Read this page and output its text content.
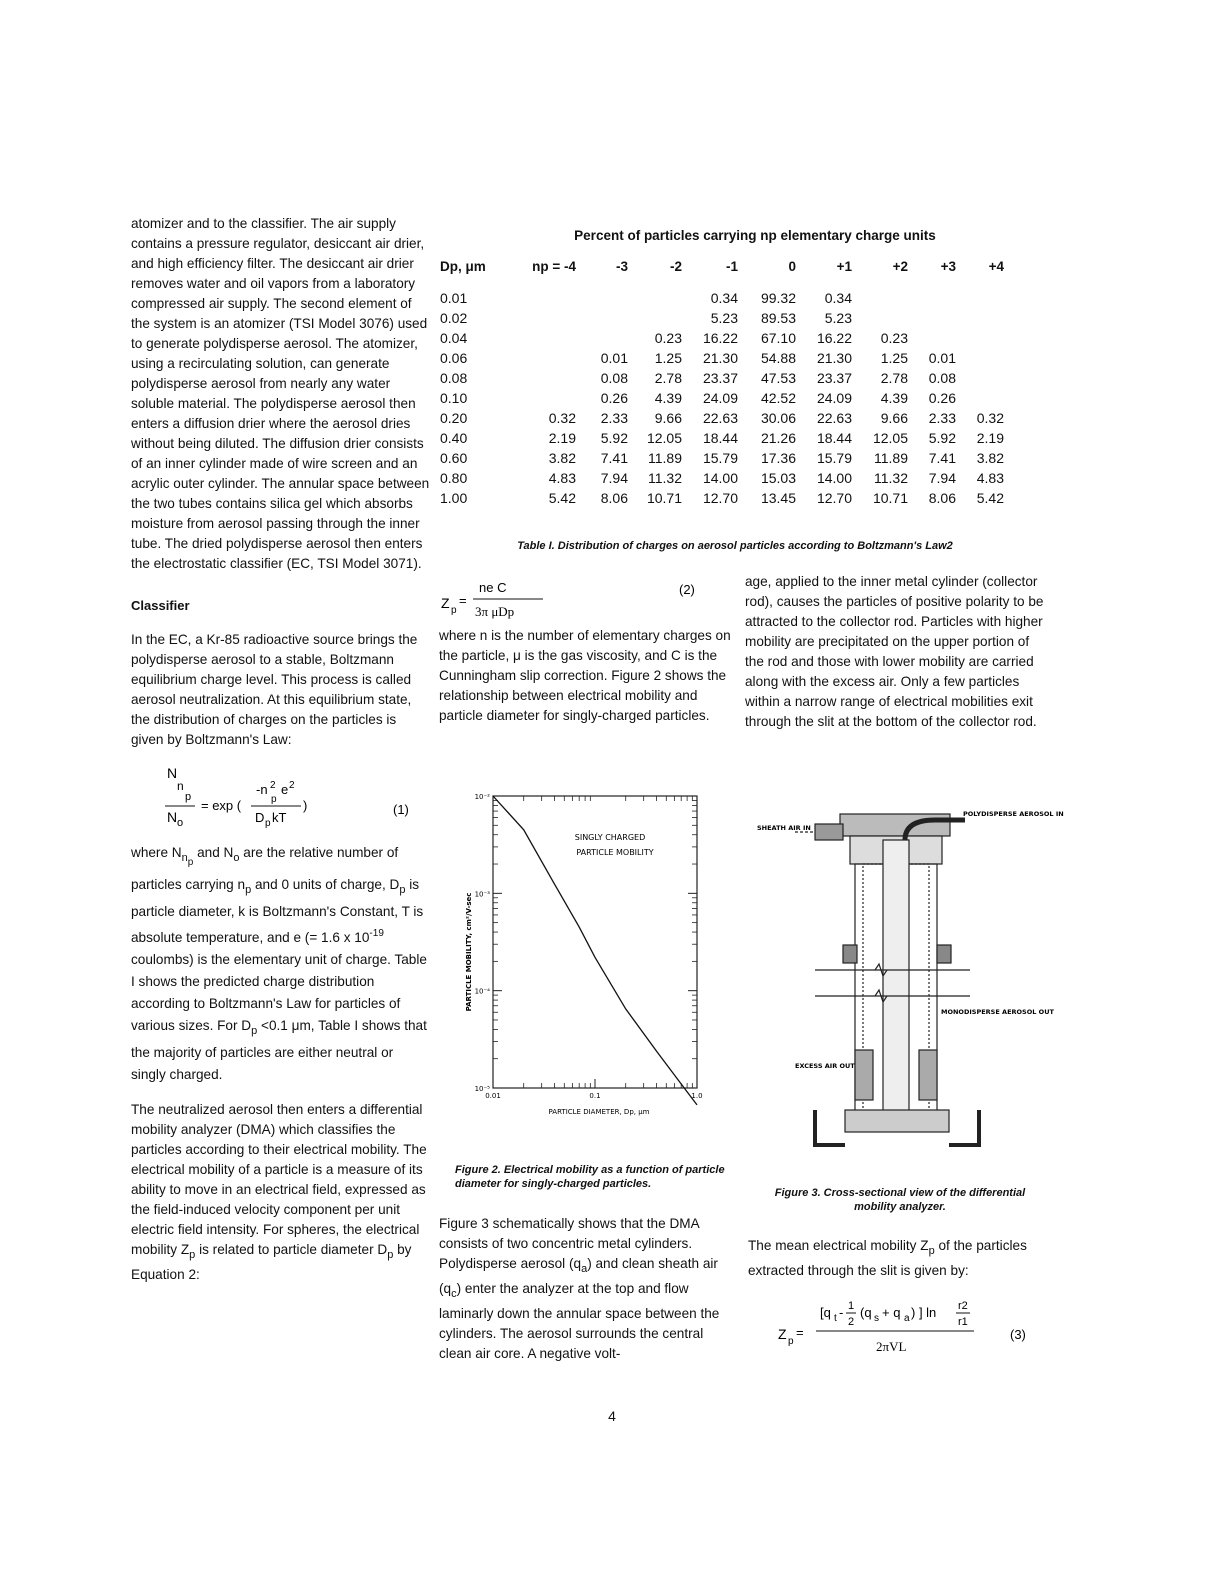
atomizer and to the classifier. The air supply contains a pressure regulator, desiccant air drier, and high efficiency filter. The desiccant air drier removes water and oil vapors from a laboratory compressed air supply. The second element of the system is an atomizer (TSI Model 3076) used to generate polydisperse aerosol. The atomizer, using a recirculating solution, can generate polydisperse aerosol from nearly any water soluble material. The polydisperse aerosol then enters a diffusion drier where the aerosol dries without being diluted. The diffusion drier consists of an inner cylinder made of wire screen and an acrylic outer cylinder. The annular space between the two tubes contains silica gel which absorbs moisture from aerosol passing through the inner tube. The dried polydisperse aerosol then enters the electrostatic classifier (EC, TSI Model 3071).

Classifier

In the EC, a Kr-85 radioactive source brings the polydisperse aerosol to a stable, Boltzmann equilibrium charge level. This process is called aerosol neutralization. At this equilibrium state, the distribution of charges on the particles is given by Boltzmann's Law:

N
n
p
N o
= exp (
-n 2
p
e 2
D p kT
)	(1)

where $N_{np}$ and $N_o$ are the relative number of particles carrying $n_p$ and 0 units of charge, $D_p$ is particle diameter, k is Boltzmann's Constant, T is absolute temperature, and e (= 1.6 x $10^{-19}$ coulombs) is the elementary unit of charge. Table I shows the predicted charge distribution according to Boltzmann's Law for particles of various sizes. For $D_p <0.1$ μm, Table I shows that the majority of particles are either neutral or singly charged.

The neutralized aerosol then enters a differential mobility analyzer (DMA) which classifies the particles according to their electrical mobility. The electrical mobility of a particle is a measure of its ability to move in an electrical field, expressed as the field-induced velocity component per unit electric field intensity. For spheres, the electrical mobility $Z_p$ is related to particle diameter $D_p$ by Equation 2:

Percent of particles carrying np elementary charge units
Dp, μm	np = -4	-3	-2	-1	0	+1	+2	+3	+4
0.01				0.34	99.32	0.34			
0.02				5.23	89.53	5.23			
0.04			0.23	16.22	67.10	16.22	0.23		
0.06		0.01	1.25	21.30	54.88	21.30	1.25	0.01	
0.08		0.08	2.78	23.37	47.53	23.37	2.78	0.08	
0.10		0.26	4.39	24.09	42.52	24.09	4.39	0.26	
0.20	0.32	2.33	9.66	22.63	30.06	22.63	9.66	2.33	0.32
0.40	2.19	5.92	12.05	18.44	21.26	18.44	12.05	5.92	2.19
0.60	3.82	7.41	11.89	15.79	17.36	15.79	11.89	7.41	3.82
0.80	4.83	7.94	11.32	14.00	15.03	14.00	11.32	7.94	4.83
1.00	5.42	8.06	10.71	12.70	13.45	12.70	10.71	8.06	5.42
Table I. Distribution of charges on aerosol particles according to Boltzmann's Law2
Z p
=
ne C
3π μDp
(2)

where n is the number of elementary charges on the particle, μ is the gas viscosity, and C is the Cunningham slip correction. Figure 2 shows the relationship between electrical mobility and particle diameter for singly-charged particles.

age, applied to the inner metal cylinder (collector rod), causes the particles of positive polarity to be attracted to the collector rod. Particles with higher mobility are precipitated on the upper portion of the rod and those with lower mobility are carried along with the excess air. Only a few particles within a narrow range of electrical mobilities exit through the slit at the bottom of the collector rod.

0.01	0.1	1.0
10⁻²
10⁻³
10⁻⁴
10⁻⁵
SINGLY CHARGED
PARTICLE MOBILITY
PARTICLE DIAMETER, Dp, μm
PARTICLE MOBILITY, cm²/V-sec
Figure 2. Electrical mobility as a function of particle diameter for singly-charged particles.
SHEATH AIR IN
POLYDISPERSE AEROSOL IN
MONODISPERSE AEROSOL OUT
EXCESS AIR OUT
Figure 3. Cross-sectional view of the differential mobility analyzer.

Figure 3 schematically shows that the DMA consists of two concentric metal cylinders. Polydisperse aerosol $(q_a)$ and clean sheath air $(q_c)$ enter the analyzer at the top and flow laminarly down the annular space between the cylinders. The aerosol surrounds the central clean air core. A negative volt-

The mean electrical mobility $Z_p$ of the particles extracted through the slit is given by:

Z p
=
[q t - 1
2
(q s + q a ) ] ln r2
r1
2πVL
(3)
4
